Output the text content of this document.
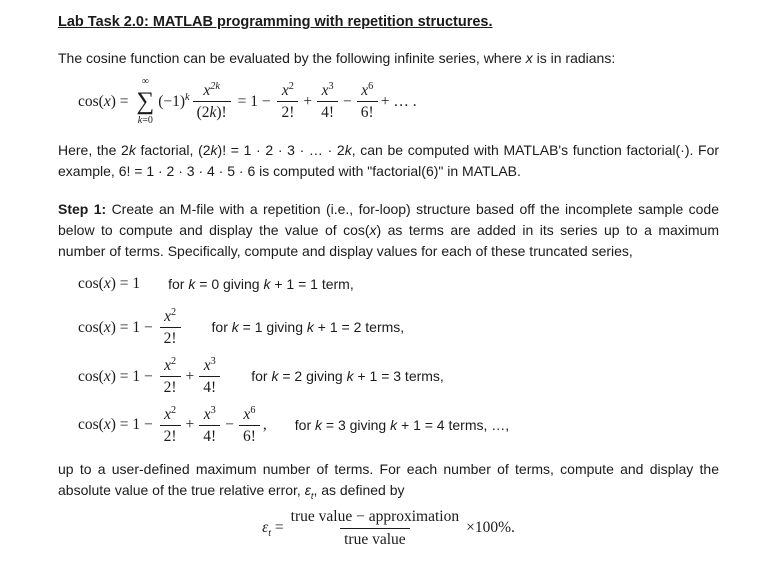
Lab Task 2.0: MATLAB programming with repetition structures.

The cosine function can be evaluated by the following infinite series, where x is in radians:

cos(x) =
∞
∑
k=0
$(-1)^k \frac{x^{2k}}{(2k)!} = 1 - \frac{x^2}{2!} + \frac{x^3}{4!} - \frac{x^6}{6!}$ + … .

Here, the 2k factorial, (2k)! = 1 · 2 · 3 · … · 2k, can be computed with MATLAB's function factorial(·). For example, 6! = 1 · 2 · 3 · 4 · 5 · 6 is computed with "factorial(6)" in MATLAB.

Step 1: Create an M-file with a repetition (i.e., for-loop) structure based off the incomplete sample code below to compute and display the value of cos(x) as terms are added in its series up to a maximum number of terms. Specifically, compute and display values for each of these truncated series,

cos(x) = 1 for k = 0 giving k + 1 = 1 term,
$\cos(x) = 1 - \frac{x^2}{2!}$ for k = 1 giving k + 1 = 2 terms,
$\cos(x) = 1 - \frac{x^2}{2!} + \frac{x^3}{4!}$ for k = 2 giving k + 1 = 3 terms,
$\cos(x) = 1 - \frac{x^2}{2!} + \frac{x^3}{4!} - \frac{x^6}{6!}$ , for k = 3 giving k + 1 = 4 terms, …,

up to a user-defined maximum number of terms. For each number of terms, compute and display the absolute value of the true relative error, $\varepsilon_t$, as defined by

$\varepsilon_t = \frac{\text{true value − approximation}}{\text{true value}} \times 100\%$.
